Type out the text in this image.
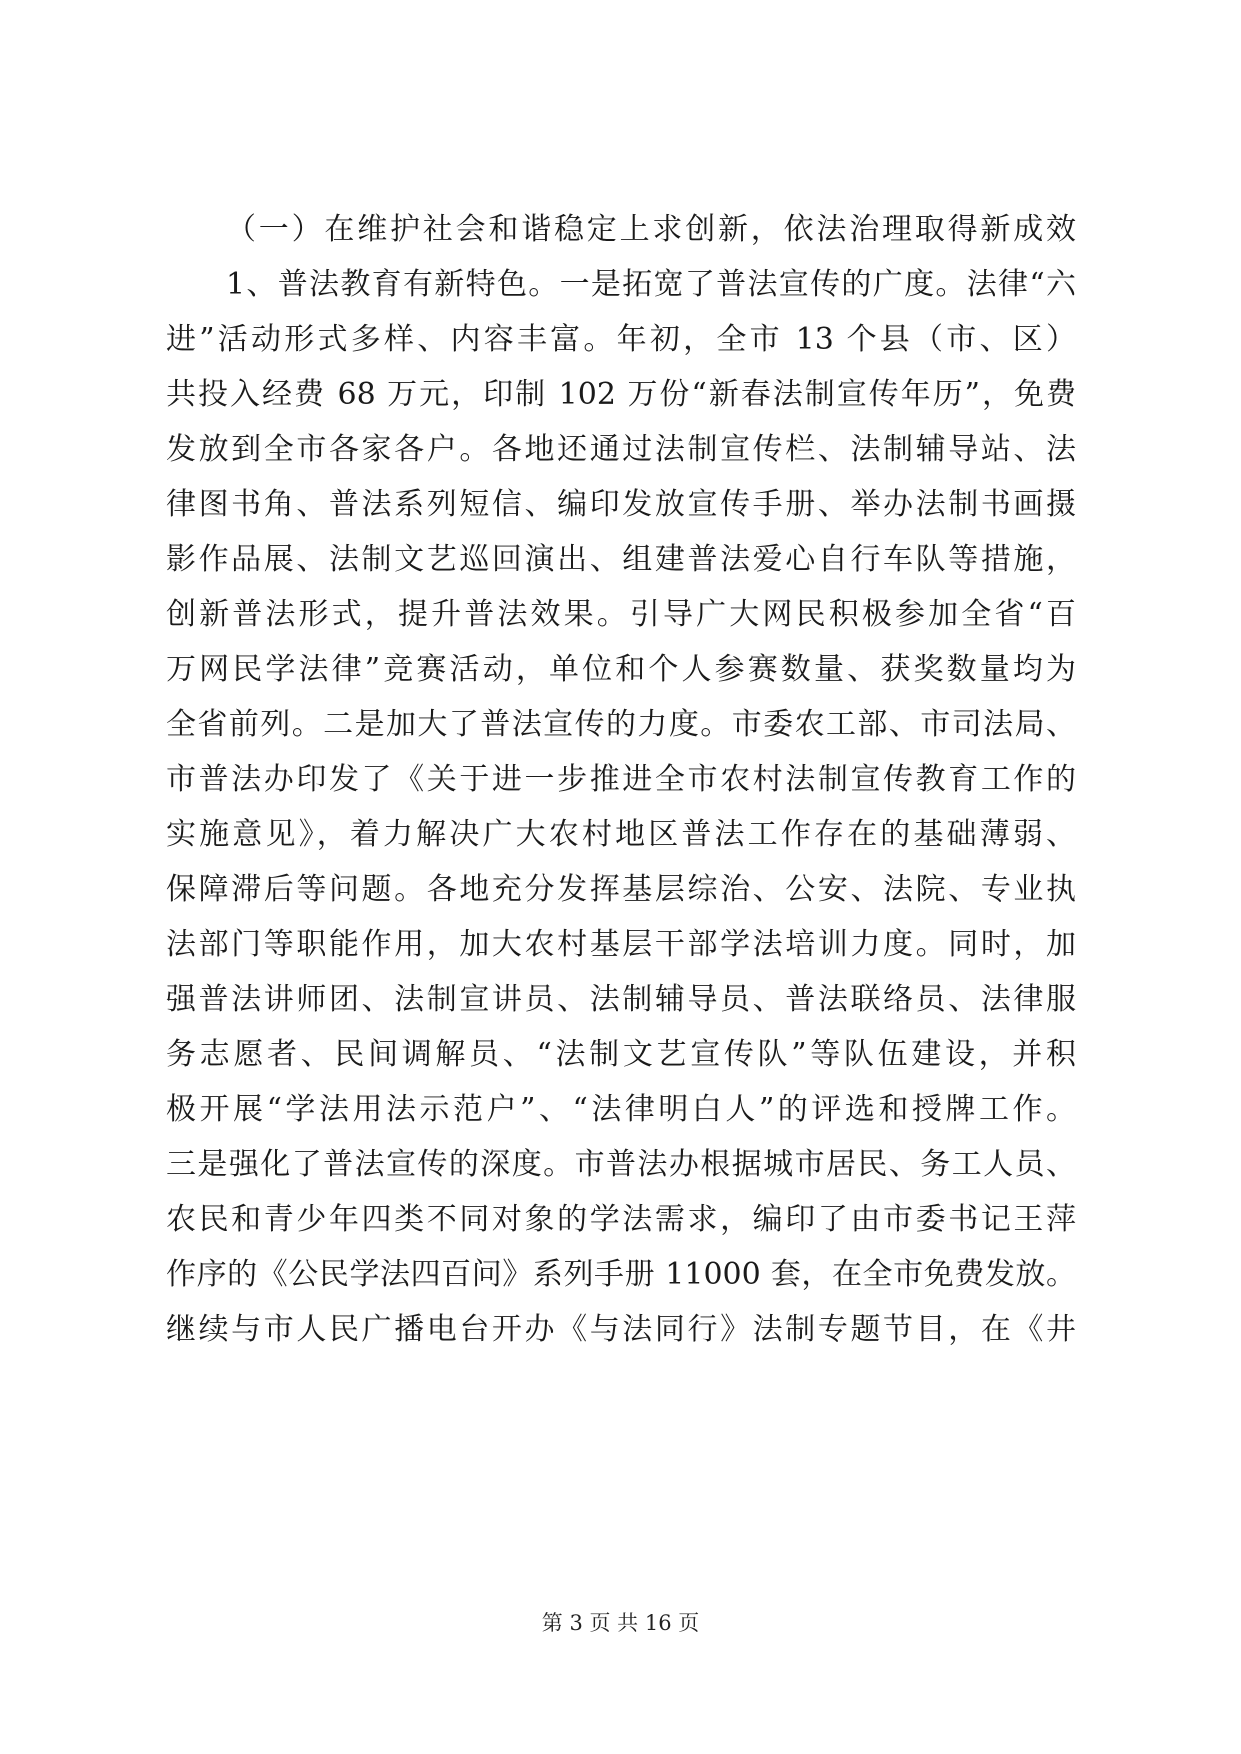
（一）在维护社会和谐稳定上求创新，依法治理取得新成效
1、普法教育有新特色。一是拓宽了普法宣传的广度。法律“六
进”活动形式多样、内容丰富。年初，全市 13 个县（市、区）
共投入经费 68 万元，印制 102 万份“新春法制宣传年历”，免费
发放到全市各家各户。各地还通过法制宣传栏、法制辅导站、法
律图书角、普法系列短信、编印发放宣传手册、举办法制书画摄
影作品展、法制文艺巡回演出、组建普法爱心自行车队等措施，
创新普法形式，提升普法效果。引导广大网民积极参加全省“百
万网民学法律”竞赛活动，单位和个人参赛数量、获奖数量均为
全省前列。二是加大了普法宣传的力度。市委农工部、市司法局、
市普法办印发了《关于进一步推进全市农村法制宣传教育工作的
实施意见》，着力解决广大农村地区普法工作存在的基础薄弱、
保障滞后等问题。各地充分发挥基层综治、公安、法院、专业执
法部门等职能作用，加大农村基层干部学法培训力度。同时，加
强普法讲师团、法制宣讲员、法制辅导员、普法联络员、法律服
务志愿者、民间调解员、“法制文艺宣传队”等队伍建设，并积
极开展“学法用法示范户”、“法律明白人”的评选和授牌工作。
三是强化了普法宣传的深度。市普法办根据城市居民、务工人员、
农民和青少年四类不同对象的学法需求，编印了由市委书记王萍
作序的《公民学法四百问》系列手册 11000 套，在全市免费发放。
继续与市人民广播电台开办《与法同行》法制专题节目，在《井
第 3 页 共 16 页
